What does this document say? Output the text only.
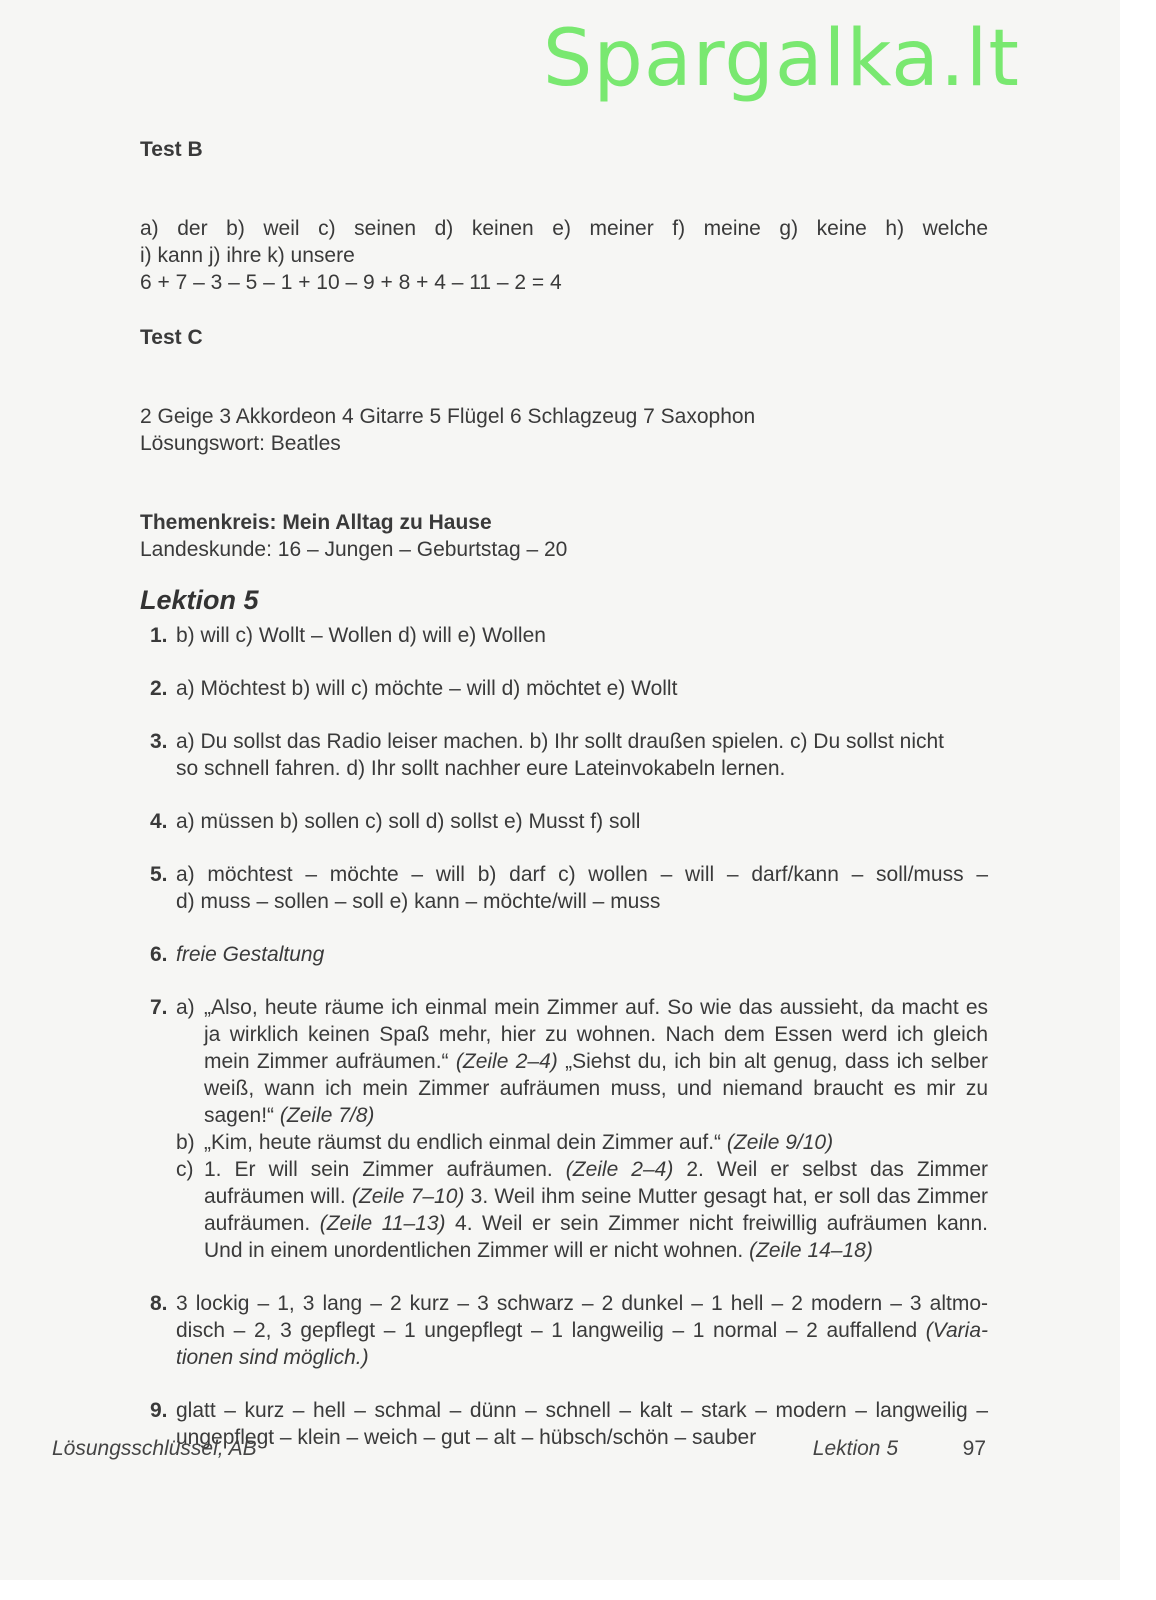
Spargalka.lt

Test B

a) der b) weil c) seinen d) keinen e) meiner f) meine g) keine h) welche

i) kann j) ihre k) unsere

6 + 7 – 3 – 5 – 1 + 10 – 9 + 8 + 4 – 11 – 2 = 4

Test C

2 Geige 3 Akkordeon 4 Gitarre 5 Flügel 6 Schlagzeug 7 Saxophon

Lösungswort: Beatles

Themenkreis: Mein Alltag zu Hause

Landeskunde: 16 – Jungen – Geburtstag – 20

Lektion 5
1. b) will c) Wollt – Wollen d) will e) Wollen

2. a) Möchtest b) will c) möchte – will d) möchtet e) Wollt

3. a) Du sollst das Radio leiser machen. b) Ihr sollt draußen spielen. c) Du sollst nicht

so schnell fahren. d) Ihr sollt nachher eure Lateinvokabeln lernen.

4. a) müssen b) sollen c) soll d) sollst e) Musst f) soll

5. a) möchtest – möchte – will b) darf c) wollen – will – darf/kann – soll/muss –

d) muss – sollen – soll e) kann – möchte/will – muss

6. freie Gestaltung

7. a) „Also, heute räume ich einmal mein Zimmer auf. So wie das aussieht, da macht es ja wirklich keinen Spaß mehr, hier zu wohnen. Nach dem Essen werd ich gleich mein Zimmer aufräumen.“ (Zeile 2–4) „Siehst du, ich bin alt genug, dass ich selber weiß, wann ich mein Zimmer aufräumen muss, und niemand braucht es mir zu sagen!“ (Zeile 7/8)
b) „Kim, heute räumst du endlich einmal dein Zimmer auf.“ (Zeile 9/10)
c) 1. Er will sein Zimmer aufräumen. (Zeile 2–4) 2. Weil er selbst das Zimmer aufräumen will. (Zeile 7–10) 3. Weil ihm seine Mutter gesagt hat, er soll das Zimmer aufräumen. (Zeile 11–13) 4. Weil er sein Zimmer nicht freiwillig aufräumen kann. Und in einem unordentlichen Zimmer will er nicht wohnen. (Zeile 14–18)
8. 3 lockig – 1, 3 lang – 2 kurz – 3 schwarz – 2 dunkel – 1 hell – 2 modern – 3 altmo-

disch – 2, 3 gepflegt – 1 ungepflegt – 1 langweilig – 1 normal – 2 auffallend (Varia-

tionen sind möglich.)

9. glatt – kurz – hell – schmal – dünn – schnell – kalt – stark – modern – langweilig –

ungepflegt – klein – weich – gut – alt – hübsch/schön – sauber

Lösungsschlüssel, AB	Lektion 5	97
